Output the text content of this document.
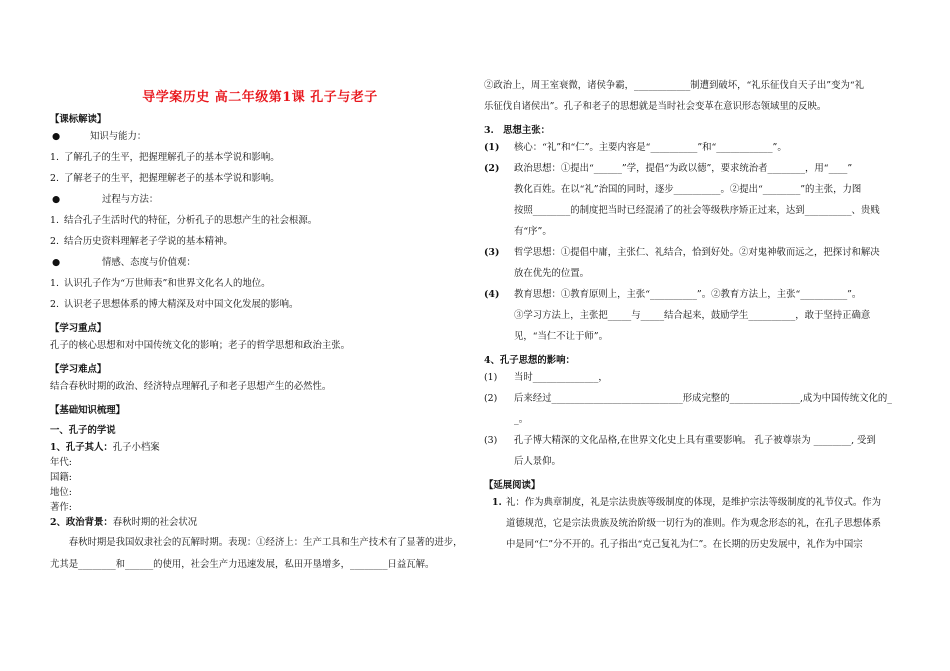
导学案历史 高二年级第1课 孔子与老子
【课标解读】
●	知识与能力：
1. 了解孔子的生平，把握理解孔子的基本学说和影响。
2. 了解老子的生平，把握理解老子的基本学说和影响。
●	过程与方法：
1. 结合孔子生活时代的特征，分析孔子的思想产生的社会根源。
2. 结合历史资料理解老子学说的基本精神。
●	情感、态度与价值观：
1. 认识孔子作为“万世师表”和世界文化名人的地位。
2. 认识老子思想体系的博大精深及对中国文化发展的影响。
【学习重点】
孔子的核心思想和对中国传统文化的影响；老子的哲学思想和政治主张。
【学习难点】
结合春秋时期的政治、经济特点理解孔子和老子思想产生的必然性。
【基础知识梳理】
一、孔子的学说
1、孔子其人：孔子小档案
年代:
国籍:
地位:
著作:
2、政治背景：春秋时期的社会状况
春秋时期是我国奴隶社会的瓦解时期。表现：①经济上：生产工具和生产技术有了显著的进步，尤其是________和______的使用，社会生产力迅速发展，私田开垦增多，________日益瓦解。
②政治上，周王室衰微，诸侯争霸，____________制遭到破坏，“礼乐征伐自天子出”变为“礼
乐征伐自诸侯出”。孔子和老子的思想就是当时社会变革在意识形态领域里的反映。
3.　思想主张：
(1)	核心：“礼”和“仁”。主要内容是“__________”和“____________”。
(2)	政治思想：①提出“______”学，提倡“为政以德”，要求统治者________，用“____”
教化百姓。在以“礼”治国的同时，逐步__________。②提出“________”的主张，力图
按照________的制度把当时已经混淆了的社会等级秩序矫正过来，达到__________、贵贱
有“序”。
(3)	哲学思想：①提倡中庸，主张仁、礼结合，恰到好处。②对鬼神敬而远之，把探讨和解决
放在优先的位置。
(4)	教育思想：①教育原则上，主张“__________”。②教育方法上，主张“__________”。
③学习方法上，主张把_____与_____结合起来，鼓励学生__________，敢于坚持正确意
见，“当仁不让于师”。
4、孔子思想的影响：
(1)	当时______________，
(2)	后来经过____________________________形成完整的_______________,成为中国传统文化的_
_。
(3)	孔子博大精深的文化品格,在世界文化史上具有重要影响。 孔子被尊崇为 ________, 受到
后人景仰。
【延展阅读】
1. 礼：作为典章制度，礼是宗法贵族等级制度的体现，是维护宗法等级制度的礼节仪式。作为
道德规范，它是宗法贵族及统治阶级一切行为的准则。作为观念形态的礼，在孔子思想体系
中是同“仁”分不开的。孔子指出“克己复礼为仁”。在长期的历史发展中，礼作为中国宗
